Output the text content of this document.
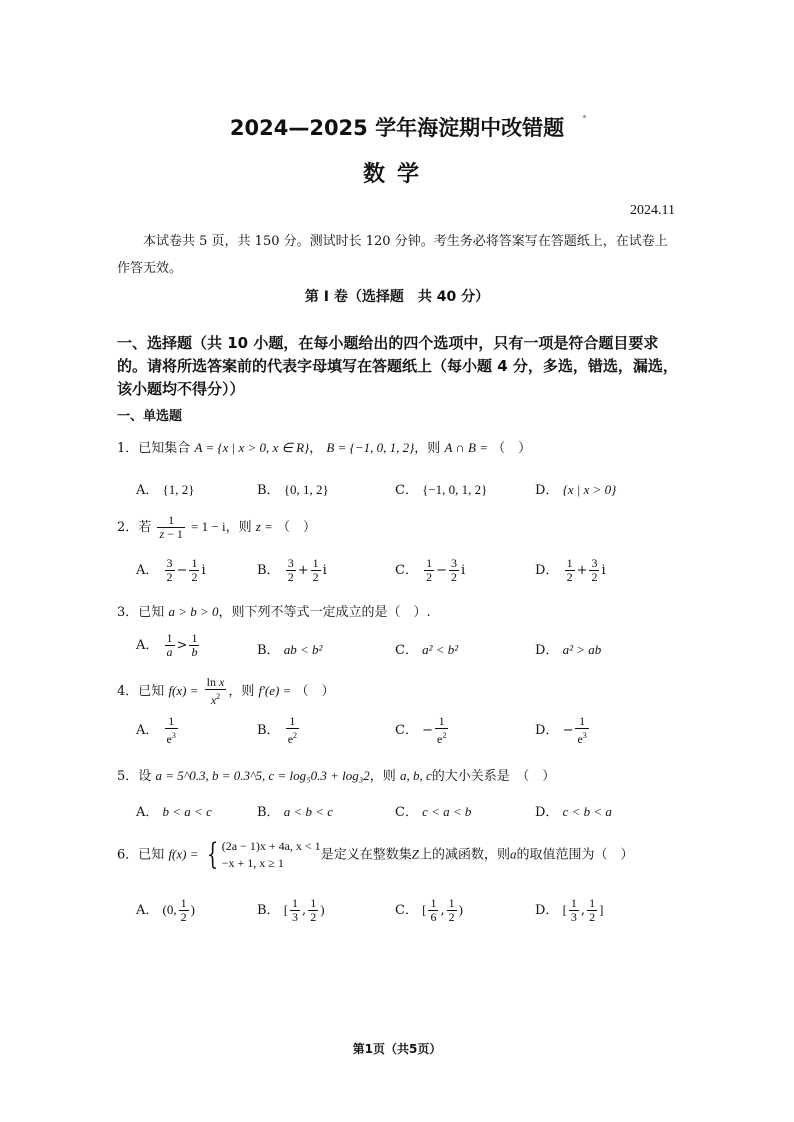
2024—2025 学年海淀期中改错题
数学
2024.11
本试卷共 5 页，共 150 分。测试时长 120 分钟。考生务必将答案写在答题纸上，在试卷上作答无效。
第 Ⅰ 卷（选择题　共 40 分）
一、选择题（共 10 小题，在每小题给出的四个选项中，只有一项是符合题目要求的。请将所选答案前的代表字母填写在答题纸上（每小题 4 分，多选，错选，漏选，该小题均不得分））
一、单选题
1．已知集合 A = {x | x > 0, x ∈ R}， B = {−1, 0, 1, 2}，则 A ∩ B = （　）
A． {1, 2}	B． {0, 1, 2}	C． {−1, 0, 1, 2}	D． {x | x > 0}
2．若 $\frac{1}{z - 1} = 1 - i$，则 z = （　）
A． $\frac{3}{2} - \frac{1}{2}$ i	B． $\frac{3}{2} + \frac{1}{2}$ i	C． $\frac{1}{2} - \frac{3}{2}$ i	D． $\frac{1}{2} + \frac{3}{2}$ i
3．已知 a > b > 0，则下列不等式一定成立的是（　）.
A． $\frac{1}{a} > \frac{1}{b}$	B． ab < b²	C． a² < b²	D． a² > ab
4．已知 $f(x) = \frac{\text{ln x}}{x^2}$ ，则 f′(e) = （　）
A． $\frac{1}{e^3}$	B． $\frac{1}{e^2}$	C． − $\frac{1}{e^2}$	D． − $\frac{1}{e^3}$
5．设 a = 5^0.3, b = 0.3^5, c = log₅0.3 + log₃2，则 a, b, c的大小关系是　（　）
A． b < a < c	B． a < b < c	C． c < a < b	D． c < b < a
6．已知 f(x) = { (2a − 1)x + 4a, x < 1
−x + 1, x ≥ 1
是定义在整数集Z上的减函数，则a的取值范围为（　）
A． (0, $\frac{1}{2}$ )	B． [ $\frac{1}{3}$ , $\frac{1}{2}$ )	C． [ $\frac{1}{6}$ , $\frac{1}{2}$ )	D． [ $\frac{1}{3}$ , $\frac{1}{2}$ ]
第1页（共5页）
